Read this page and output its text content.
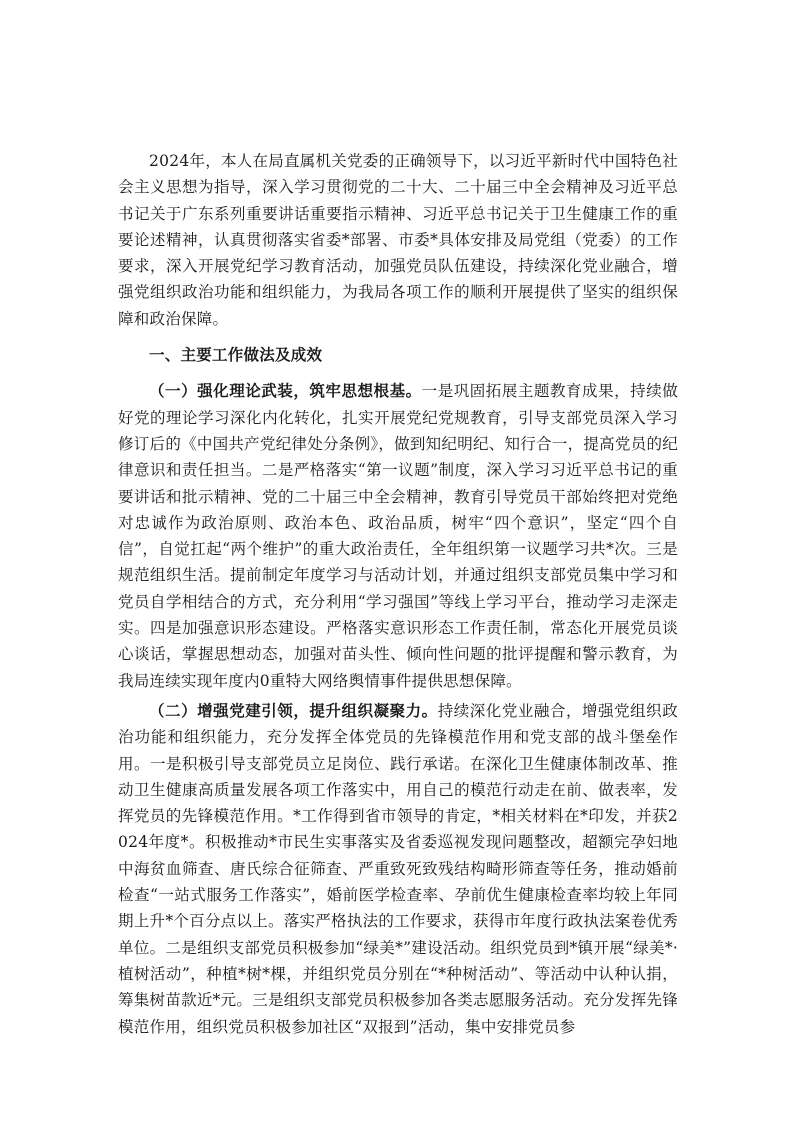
2024年，本人在局直属机关党委的正确领导下，以习近平新时代中国特色社会主义思想为指导，深入学习贯彻党的二十大、二十届三中全会精神及习近平总书记关于广东系列重要讲话重要指示精神、习近平总书记关于卫生健康工作的重要论述精神，认真贯彻落实省委*部署、市委*具体安排及局党组（党委）的工作要求，深入开展党纪学习教育活动，加强党员队伍建设，持续深化党业融合，增强党组织政治功能和组织能力，为我局各项工作的顺利开展提供了坚实的组织保障和政治保障。

一、主要工作做法及成效

（一）强化理论武装，筑牢思想根基。一是巩固拓展主题教育成果，持续做好党的理论学习深化内化转化，扎实开展党纪党规教育，引导支部党员深入学习修订后的《中国共产党纪律处分条例》，做到知纪明纪、知行合一，提高党员的纪律意识和责任担当。二是严格落实“第一议题”制度，深入学习习近平总书记的重要讲话和批示精神、党的二十届三中全会精神，教育引导党员干部始终把对党绝对忠诚作为政治原则、政治本色、政治品质，树牢“四个意识”，坚定“四个自信”，自觉扛起“两个维护”的重大政治责任，全年组织第一议题学习共*次。三是规范组织生活。提前制定年度学习与活动计划，并通过组织支部党员集中学习和党员自学相结合的方式，充分利用“学习强国”等线上学习平台，推动学习走深走实。四是加强意识形态建设。严格落实意识形态工作责任制，常态化开展党员谈心谈话，掌握思想动态，加强对苗头性、倾向性问题的批评提醒和警示教育，为我局连续实现年度内0重特大网络舆情事件提供思想保障。

（二）增强党建引领，提升组织凝聚力。持续深化党业融合，增强党组织政治功能和组织能力，充分发挥全体党员的先锋模范作用和党支部的战斗堡垒作用。一是积极引导支部党员立足岗位、践行承诺。在深化卫生健康体制改革、推动卫生健康高质量发展各项工作落实中，用自己的模范行动走在前、做表率，发挥党员的先锋模范作用。*工作得到省市领导的肯定，*相关材料在*印发，并获2024年度*。积极推动*市民生实事落实及省委巡视发现问题整改，超额完孕妇地中海贫血筛查、唐氏综合征筛查、严重致死致残结构畸形筛查等任务，推动婚前检查“一站式服务工作落实”，婚前医学检查率、孕前优生健康检查率均较上年同期上升*个百分点以上。落实严格执法的工作要求，获得市年度行政执法案卷优秀单位。二是组织支部党员积极参加“绿美*”建设活动。组织党员到*镇开展“绿美*·植树活动”，种植*树*棵，并组织党员分别在“*种树活动”、等活动中认种认捐，筹集树苗款近*元。三是组织支部党员积极参加各类志愿服务活动。充分发挥先锋模范作用，组织党员积极参加社区“双报到”活动，集中安排党员参
